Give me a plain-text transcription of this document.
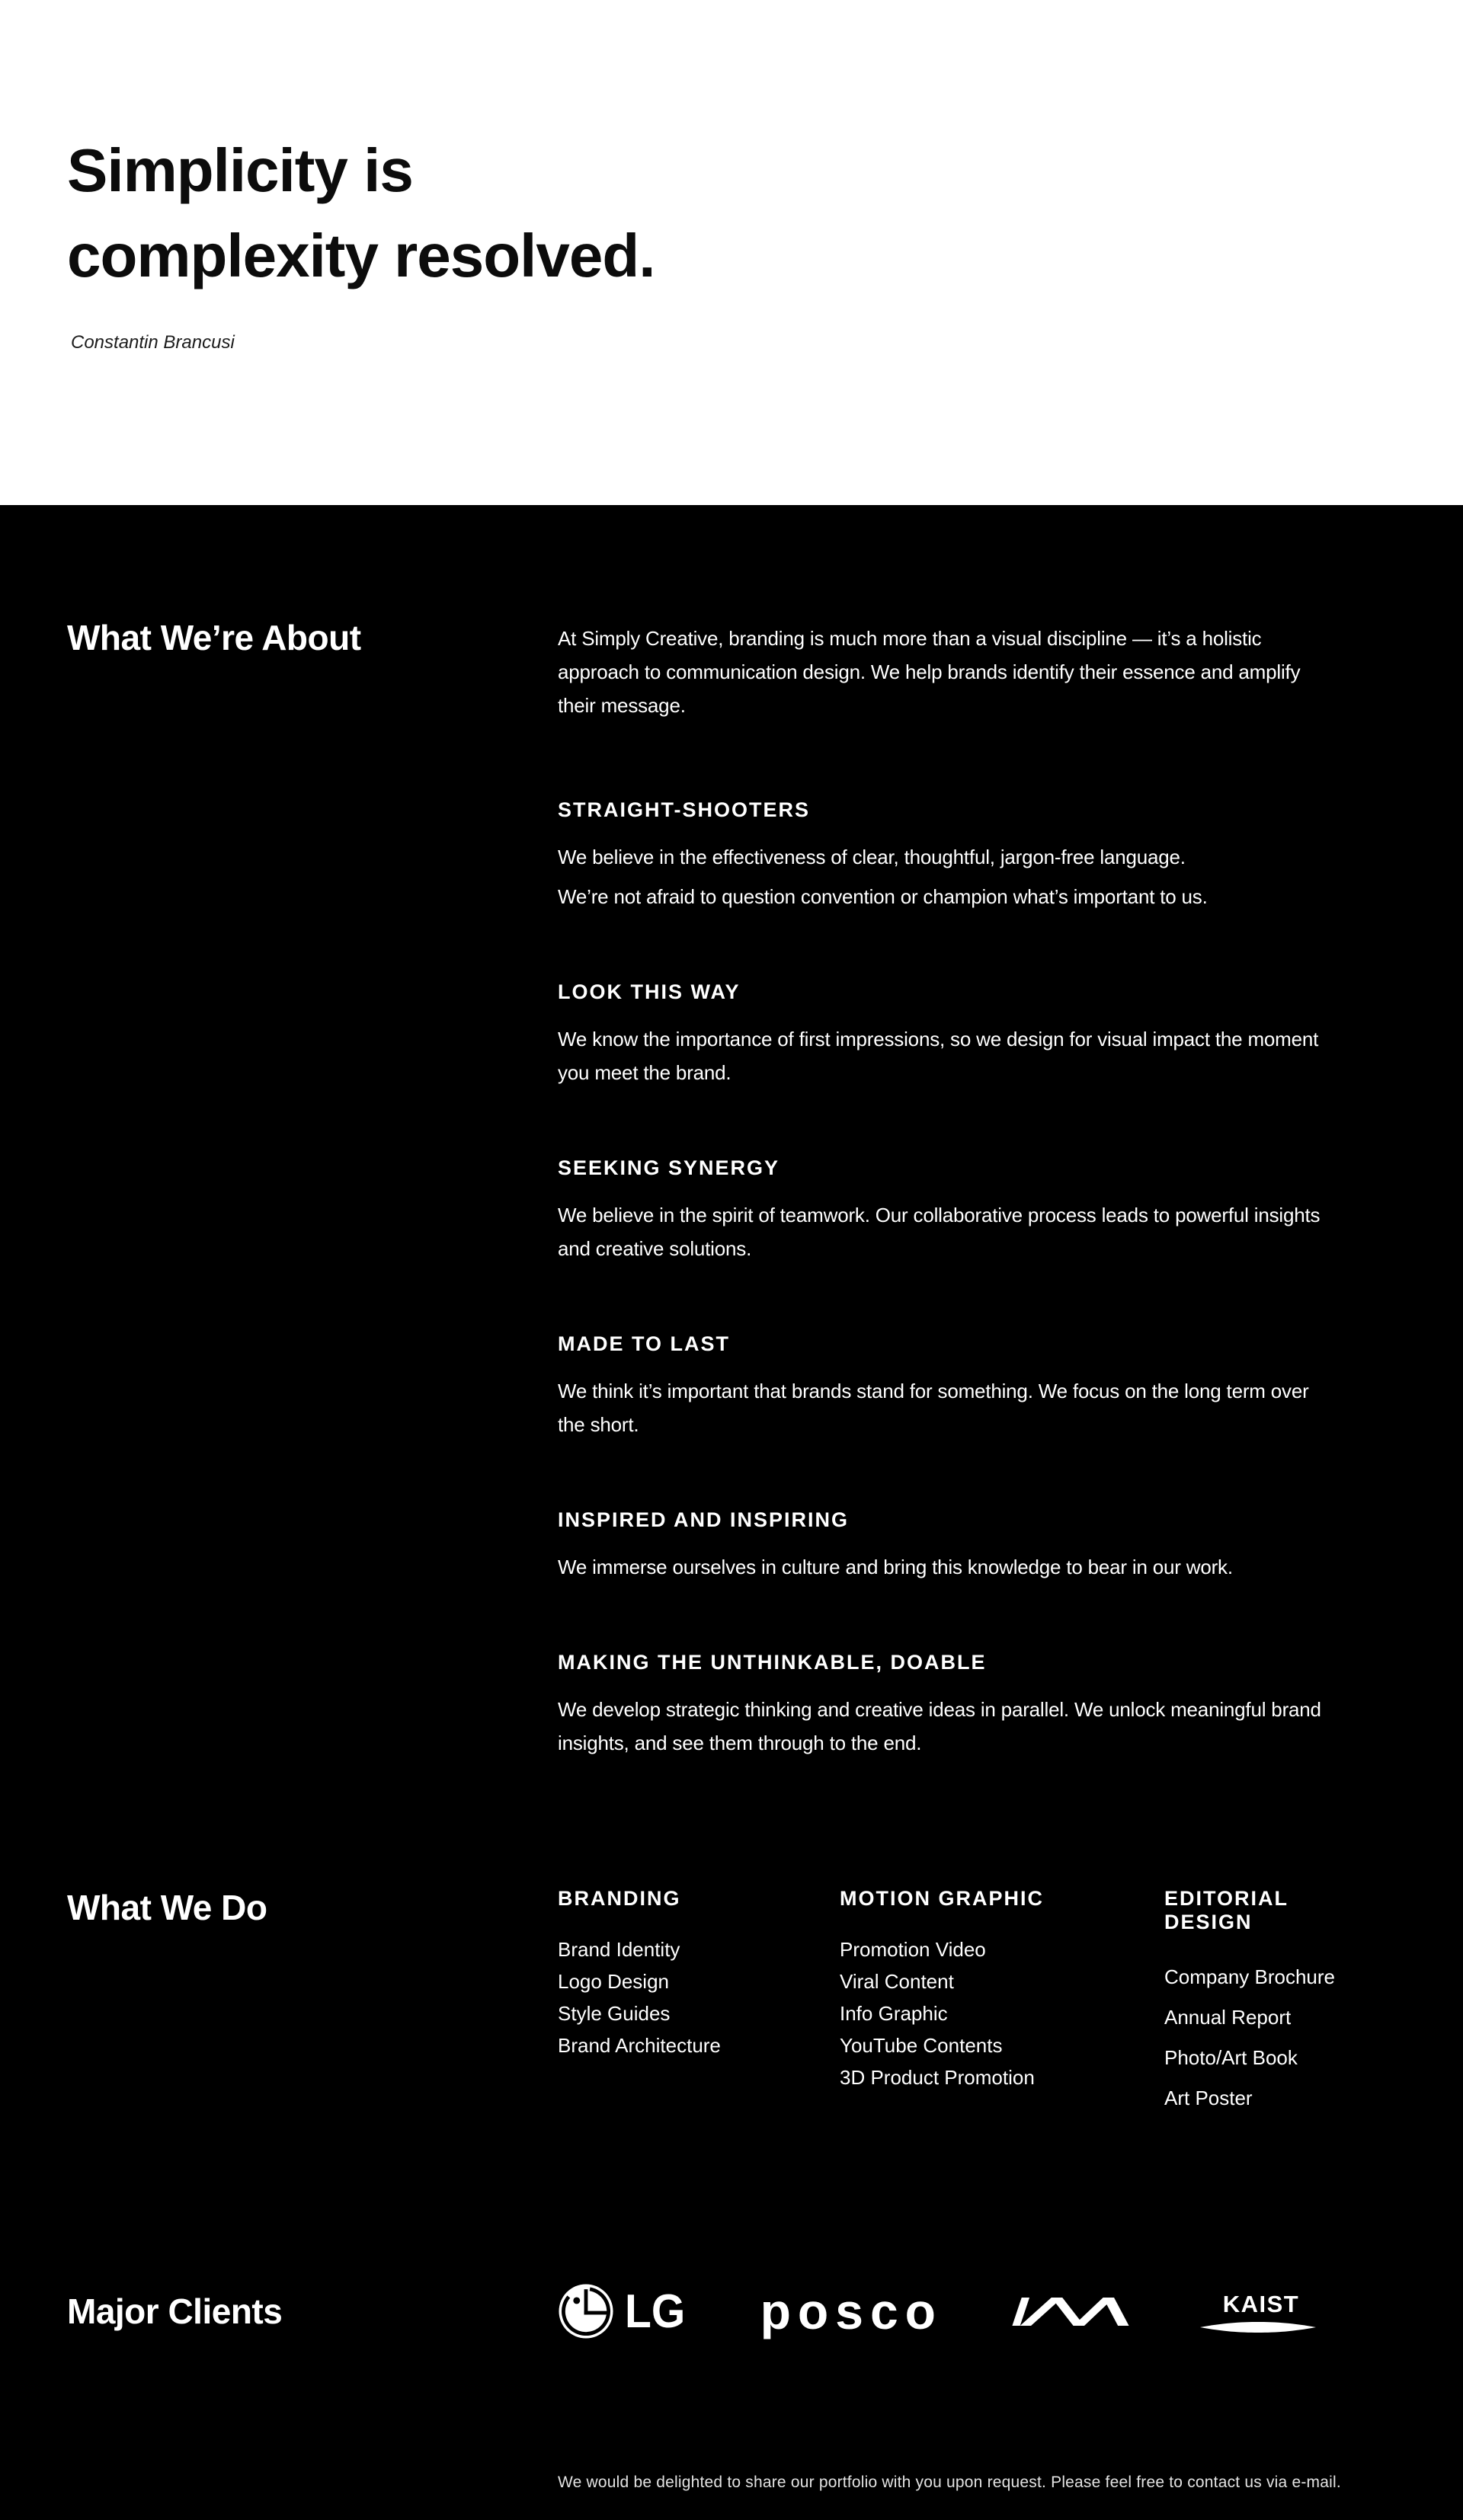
Simplicity is
complexity resolved.
Constantin Brancusi
What We’re About	At Simply Creative, branding is much more than a visual discipline — it’s a holistic approach to communication design. We help brands identify their essence and amplify their message.

STRAIGHT-SHOOTERS

We believe in the effectiveness of clear, thoughtful, jargon-free language.

We’re not afraid to question convention or champion what’s important to us.

LOOK THIS WAY

We know the importance of first impressions, so we design for visual impact the moment you meet the brand.

SEEKING SYNERGY

We believe in the spirit of teamwork. Our collaborative process leads to powerful insights and creative solutions.

MADE TO LAST

We think it’s important that brands stand for something. We focus on the long term over the short.

INSPIRED AND INSPIRING

We immerse ourselves in culture and bring this knowledge to bear in our work.

MAKING THE UNTHINKABLE, DOABLE

We develop strategic thinking and creative ideas in parallel. We unlock meaningful brand insights, and see them through to the end.

What We Do	BRANDING
Brand Identity
Logo Design
Style Guides
Brand Architecture
MOTION GRAPHIC
Promotion Video
Viral Content
Info Graphic
YouTube Contents
3D Product Promotion
EDITORIAL DESIGN
Company Brochure
Annual Report
Photo/Art Book
Art Poster
Major Clients	LG posco	KAIST

We would be delighted to share our portfolio with you upon request. Please feel free to contact us via e-mail.
